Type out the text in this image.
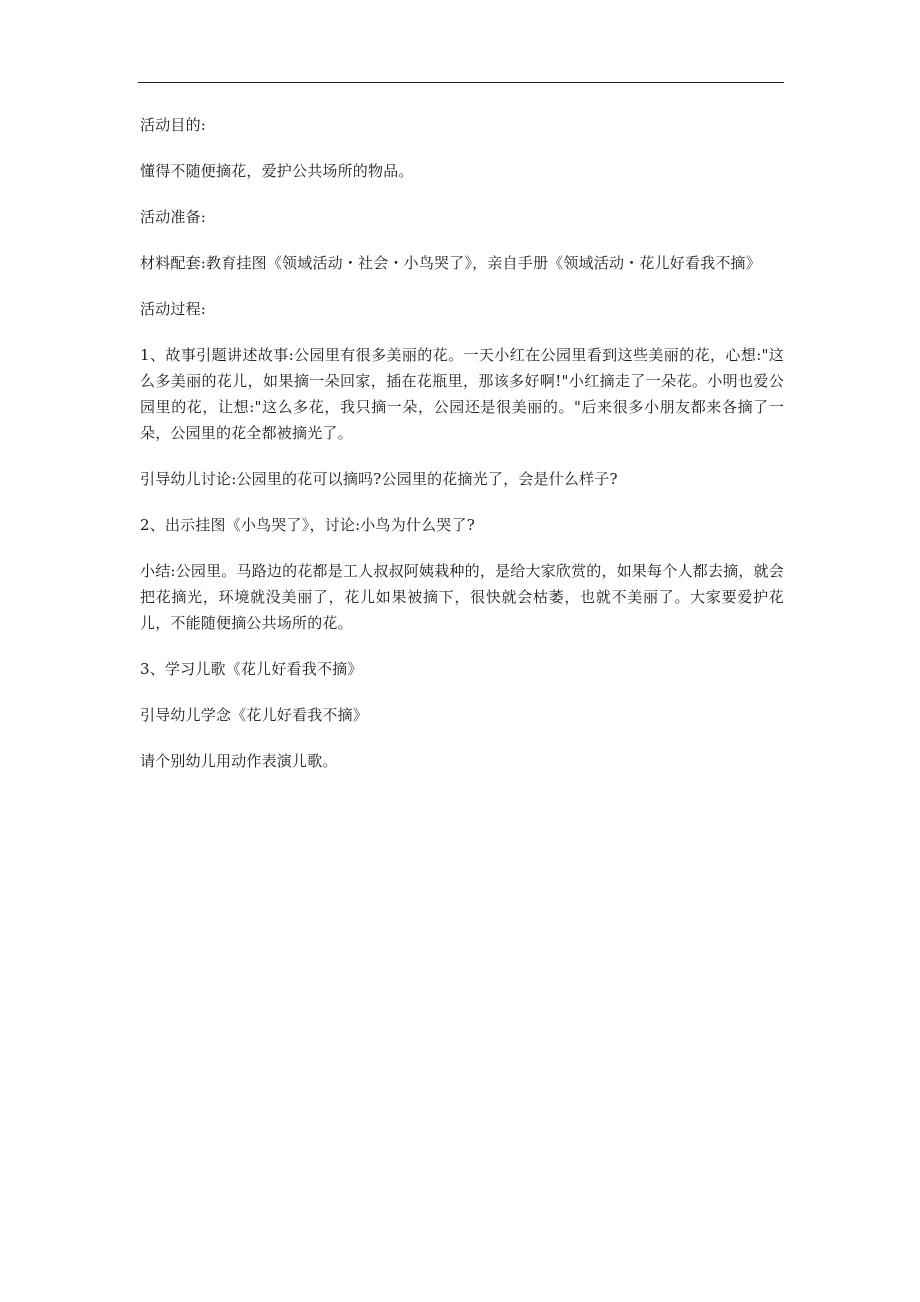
活动目的:

懂得不随便摘花，爱护公共场所的物品。

活动准备:

材料配套:教育挂图《领域活动・社会・小鸟哭了》，亲自手册《领域活动・花儿好看我不摘》

活动过程:

1、故事引题讲述故事:公园里有很多美丽的花。一天小红在公园里看到这些美丽的花，心想:"这么多美丽的花儿，如果摘一朵回家，插在花瓶里，那该多好啊!"小红摘走了一朵花。小明也爱公园里的花，让想:"这么多花，我只摘一朵，公园还是很美丽的。"后来很多小朋友都来各摘了一朵，公园里的花全都被摘光了。

引导幼儿讨论:公园里的花可以摘吗?公园里的花摘光了，会是什么样子?

2、出示挂图《小鸟哭了》，讨论:小鸟为什么哭了?

小结:公园里。马路边的花都是工人叔叔阿姨栽种的，是给大家欣赏的，如果每个人都去摘，就会把花摘光，环境就没美丽了，花儿如果被摘下，很快就会枯萎，也就不美丽了。大家要爱护花儿，不能随便摘公共场所的花。

3、学习儿歌《花儿好看我不摘》

引导幼儿学念《花儿好看我不摘》

请个别幼儿用动作表演儿歌。
